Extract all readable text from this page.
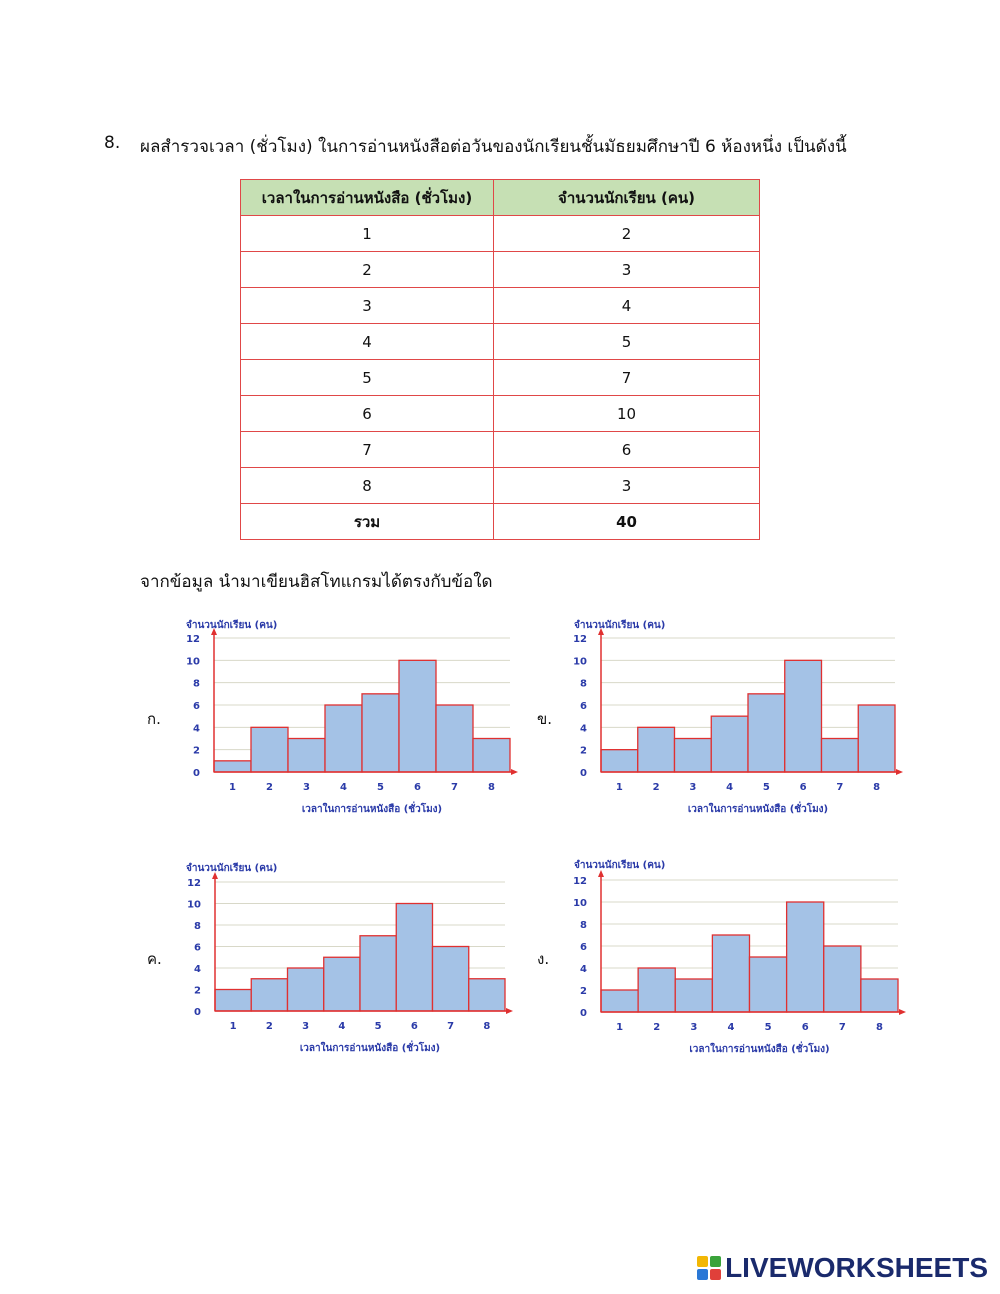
8. ผลสำรวจเวลา (ชั่วโมง) ในการอ่านหนังสือต่อวันของนักเรียนชั้นมัธยมศึกษาปี 6 ห้องหนึ่ง เป็นดังนี้
เวลาในการอ่านหนังสือ (ชั่วโมง)	จำนวนนักเรียน (คน)
1	2
2	3
3	4
4	5
5	7
6	10
7	6
8	3
รวม	40
จากข้อมูล นำมาเขียนฮิสโทแกรมได้ตรงกับข้อใด
ก.	ข.
ค.	ง.
0
2
4
6
8
10
12
1	2	3	4	5	6	7	8
จำนวนนักเรียน (คน)
เวลาในการอ่านหนังสือ (ชั่วโมง)
0
2
4
6
8
10
12
1	2	3	4	5	6	7	8
จำนวนนักเรียน (คน)
เวลาในการอ่านหนังสือ (ชั่วโมง)
0
2
4
6
8
10
12
1	2	3	4	5	6	7	8
จำนวนนักเรียน (คน)
เวลาในการอ่านหนังสือ (ชั่วโมง)
0
2
4
6
8
10
12
1	2	3	4	5	6	7	8
จำนวนนักเรียน (คน)
เวลาในการอ่านหนังสือ (ชั่วโมง)
LIVEWORKSHEETS
